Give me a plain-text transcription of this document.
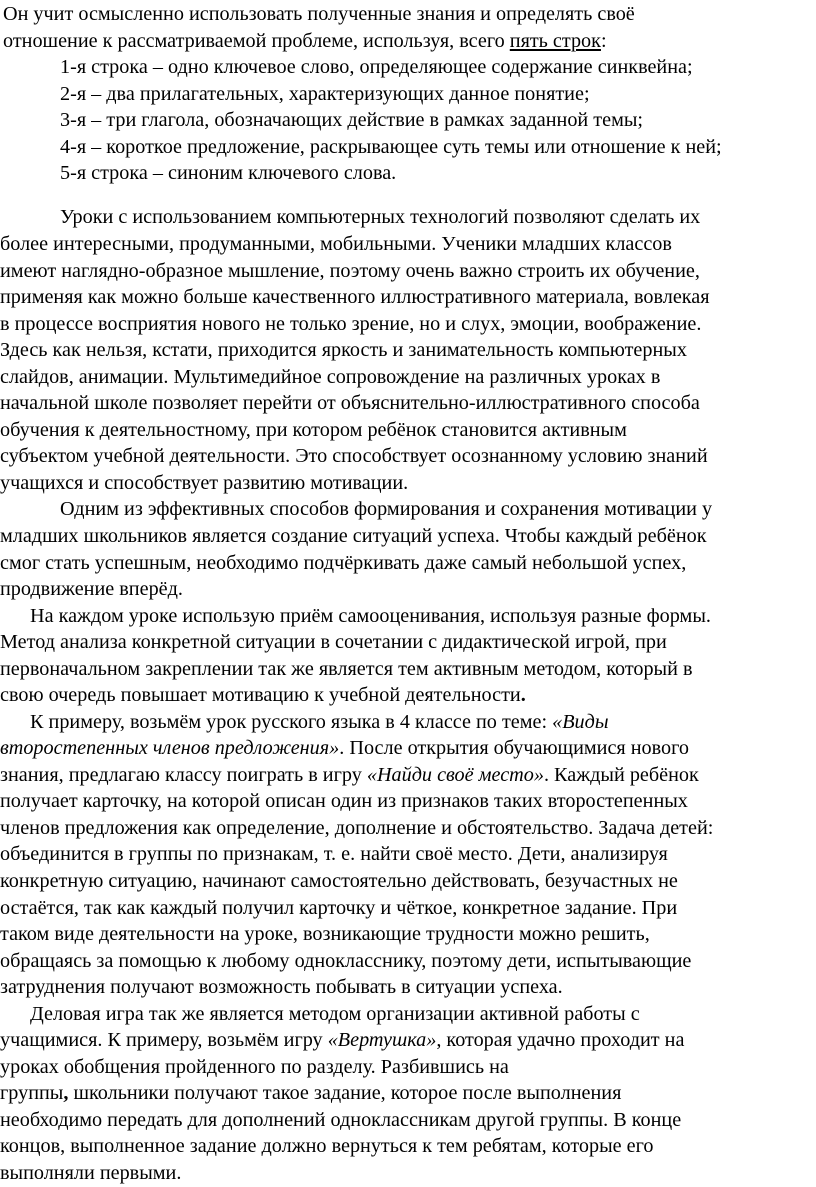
Он учит осмысленно использовать полученные знания и определять своё
отношение к рассматриваемой проблеме, используя, всего пять строк:
1-я строка – одно ключевое слово, определяющее содержание синквейна;
2-я – два прилагательных, характеризующих данное понятие;
3-я – три глагола, обозначающих действие в рамках заданной темы;
4-я – короткое предложение, раскрывающее суть темы или отношение к ней;
5-я строка – синоним ключевого слова.
Уроки с использованием компьютерных технологий позволяют сделать их
более интересными, продуманными, мобильными. Ученики младших классов
имеют наглядно-образное мышление, поэтому очень важно строить их обучение,
применяя как можно больше качественного иллюстративного материала, вовлекая
в процессе восприятия нового не только зрение, но и слух, эмоции, воображение.
Здесь как нельзя, кстати, приходится яркость и занимательность компьютерных
слайдов, анимации. Мультимедийное сопровождение на различных уроках в
начальной школе позволяет перейти от объяснительно-иллюстративного способа
обучения к деятельностному, при котором ребёнок становится активным
субъектом учебной деятельности. Это способствует осознанному условию знаний
учащихся и способствует развитию мотивации.
Одним из эффективных способов формирования и сохранения мотивации у
младших школьников является создание ситуаций успеха. Чтобы каждый ребёнок
смог стать успешным, необходимо подчёркивать даже самый небольшой успех,
продвижение вперёд.
На каждом уроке использую приём самооценивания, используя разные формы.
Метод анализа конкретной ситуации в сочетании с дидактической игрой, при
первоначальном закреплении так же является тем активным методом, который в
свою очередь повышает мотивацию к учебной деятельности.
К примеру, возьмём урок русского языка в 4 классе по теме: «Виды
второстепенных членов предложения». После открытия обучающимися нового
знания, предлагаю классу поиграть в игру «Найди своё место». Каждый ребёнок
получает карточку, на которой описан один из признаков таких второстепенных
членов предложения как определение, дополнение и обстоятельство. Задача детей:
объединится в группы по признакам, т. е. найти своё место. Дети, анализируя
конкретную ситуацию, начинают самостоятельно действовать, безучастных не
остаётся, так как каждый получил карточку и чёткое, конкретное задание. При
таком виде деятельности на уроке, возникающие трудности можно решить,
обращаясь за помощью к любому однокласснику, поэтому дети, испытывающие
затруднения получают возможность побывать в ситуации успеха.
Деловая игра так же является методом организации активной работы с
учащимися. К примеру, возьмём игру «Вертушка», которая удачно проходит на
уроках обобщения пройденного по разделу. Разбившись на
группы, школьники получают такое задание, которое после выполнения
необходимо передать для дополнений одноклассникам другой группы. В конце
концов, выполненное задание должно вернуться к тем ребятам, которые его
выполняли первыми.
